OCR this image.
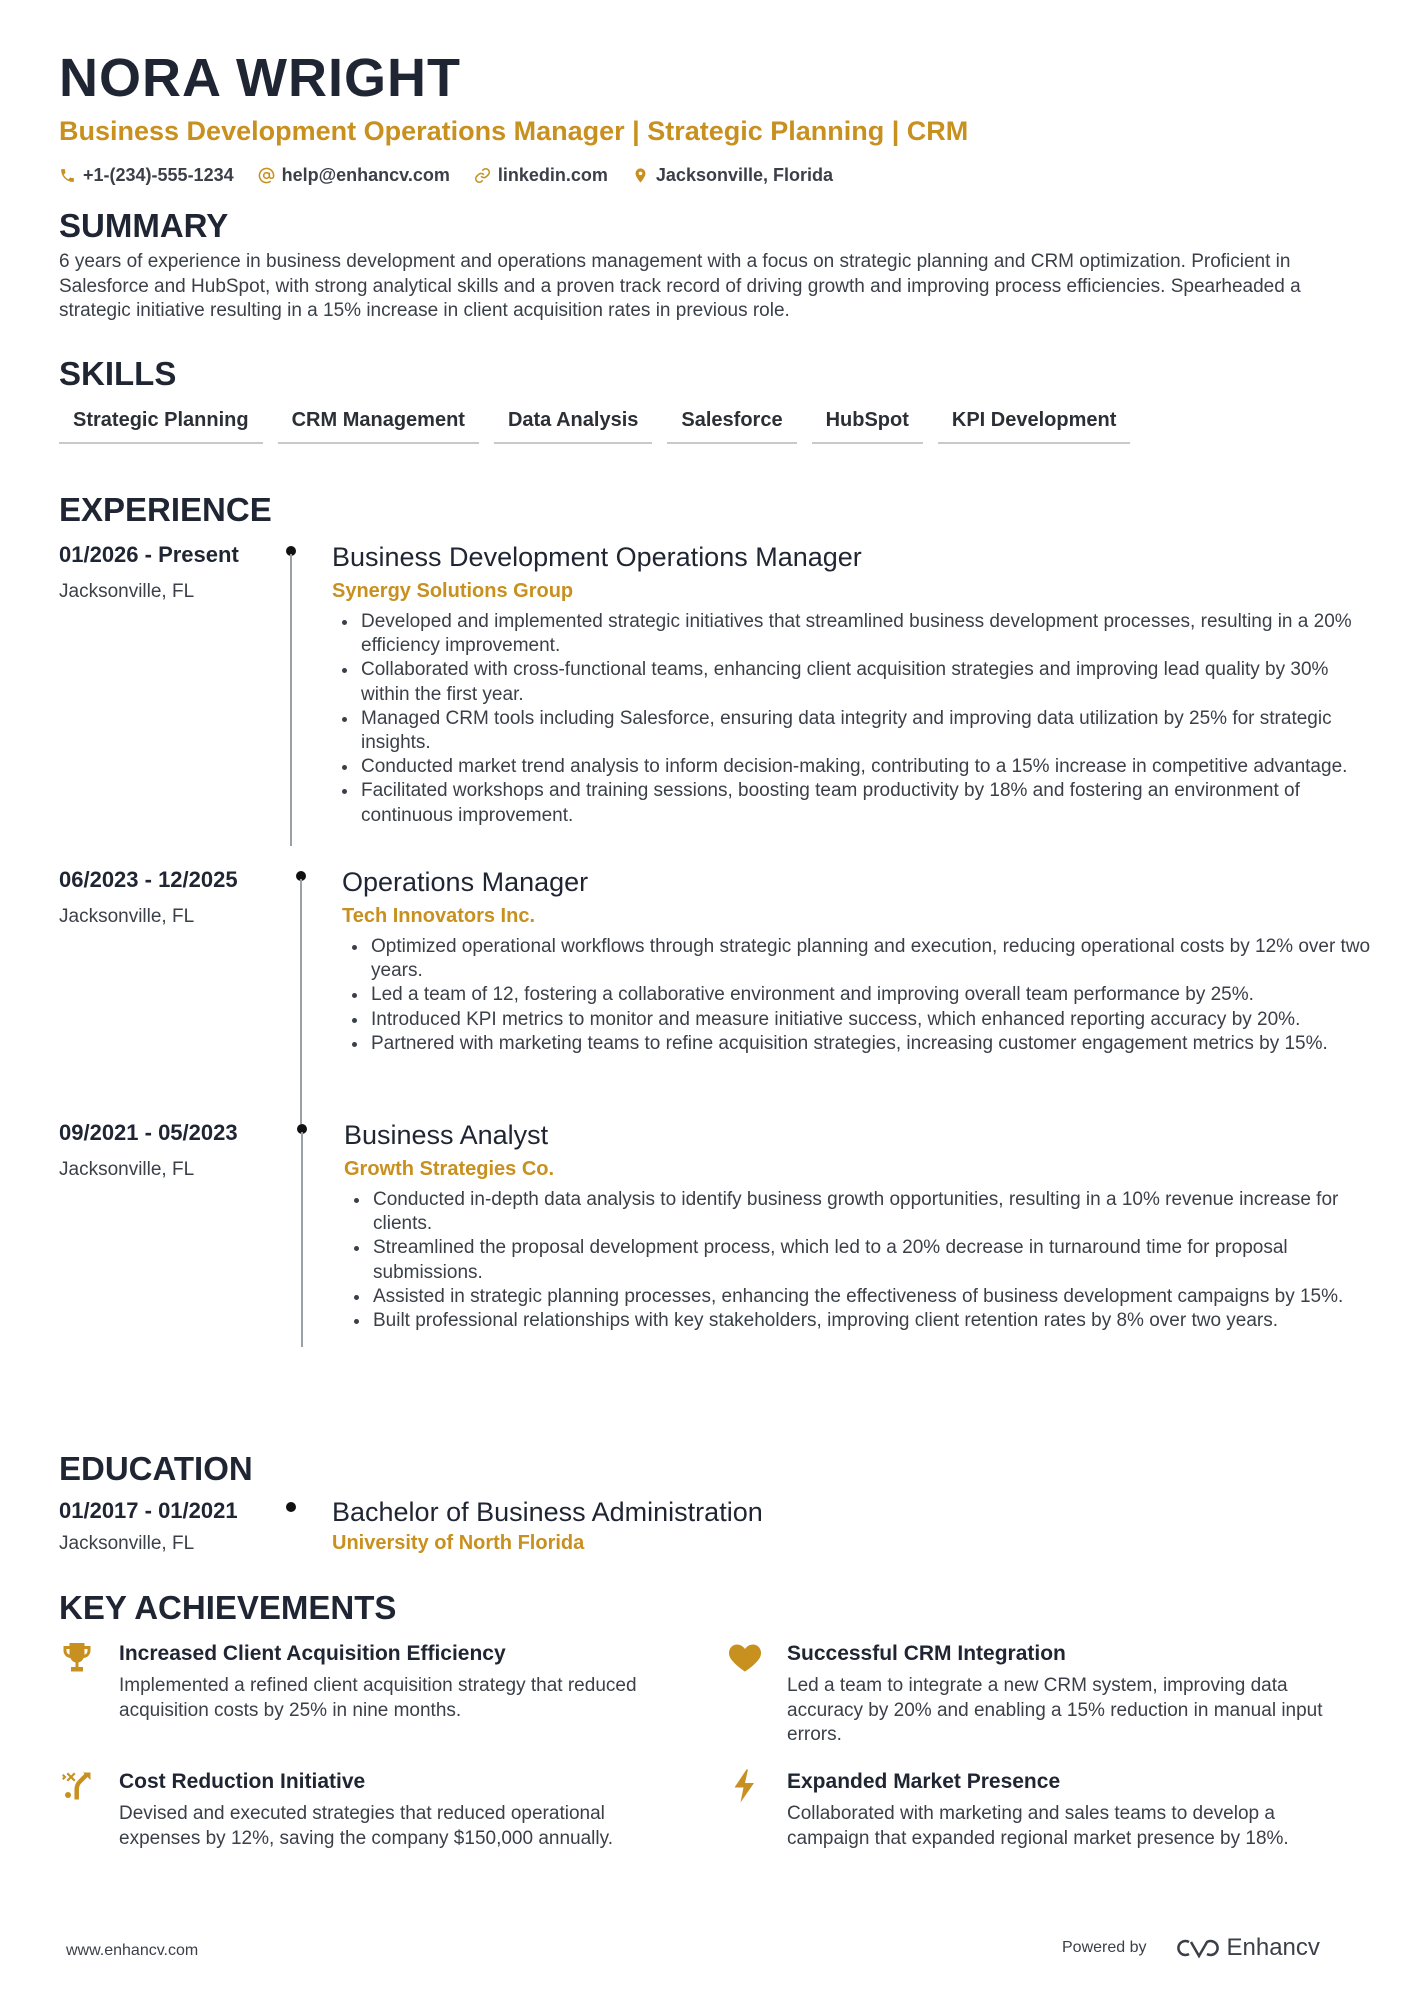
NORA WRIGHT
Business Development Operations Manager | Strategic Planning | CRM
+1-(234)-555-1234	help@enhancv.com	linkedin.com	Jacksonville, Florida
SUMMARY
6 years of experience in business development and operations management with a focus on strategic planning and CRM optimization. Proficient in Salesforce and HubSpot, with strong analytical skills and a proven track record of driving growth and improving process efficiencies. Spearheaded a strategic initiative resulting in a 15% increase in client acquisition rates in previous role.
SKILLS
Strategic Planning	CRM Management	Data Analysis	Salesforce	HubSpot	KPI Development
EXPERIENCE
01/2026 - Present
Jacksonville, FL
Business Development Operations Manager
Synergy Solutions Group
• Developed and implemented strategic initiatives that streamlined business development processes, resulting in a 20% efficiency improvement.
• Collaborated with cross-functional teams, enhancing client acquisition strategies and improving lead quality by 30% within the first year.
• Managed CRM tools including Salesforce, ensuring data integrity and improving data utilization by 25% for strategic insights.
• Conducted market trend analysis to inform decision-making, contributing to a 15% increase in competitive advantage.
• Facilitated workshops and training sessions, boosting team productivity by 18% and fostering an environment of continuous improvement.
06/2023 - 12/2025
Jacksonville, FL
Operations Manager
Tech Innovators Inc.
• Optimized operational workflows through strategic planning and execution, reducing operational costs by 12% over two years.
• Led a team of 12, fostering a collaborative environment and improving overall team performance by 25%.
• Introduced KPI metrics to monitor and measure initiative success, which enhanced reporting accuracy by 20%.
• Partnered with marketing teams to refine acquisition strategies, increasing customer engagement metrics by 15%.
09/2021 - 05/2023
Jacksonville, FL
Business Analyst
Growth Strategies Co.
• Conducted in-depth data analysis to identify business growth opportunities, resulting in a 10% revenue increase for clients.
• Streamlined the proposal development process, which led to a 20% decrease in turnaround time for proposal submissions.
• Assisted in strategic planning processes, enhancing the effectiveness of business development campaigns by 15%.
• Built professional relationships with key stakeholders, improving client retention rates by 8% over two years.
EDUCATION
01/2017 - 01/2021
Jacksonville, FL
Bachelor of Business Administration
University of North Florida
KEY ACHIEVEMENTS
Increased Client Acquisition Efficiency
Implemented a refined client acquisition strategy that reduced acquisition costs by 25% in nine months.
Successful CRM Integration
Led a team to integrate a new CRM system, improving data accuracy by 20% and enabling a 15% reduction in manual input errors.
Cost Reduction Initiative
Devised and executed strategies that reduced operational expenses by 12%, saving the company $150,000 annually.
Expanded Market Presence
Collaborated with marketing and sales teams to develop a campaign that expanded regional market presence by 18%.
www.enhancv.com	Powered by	Enhancv
